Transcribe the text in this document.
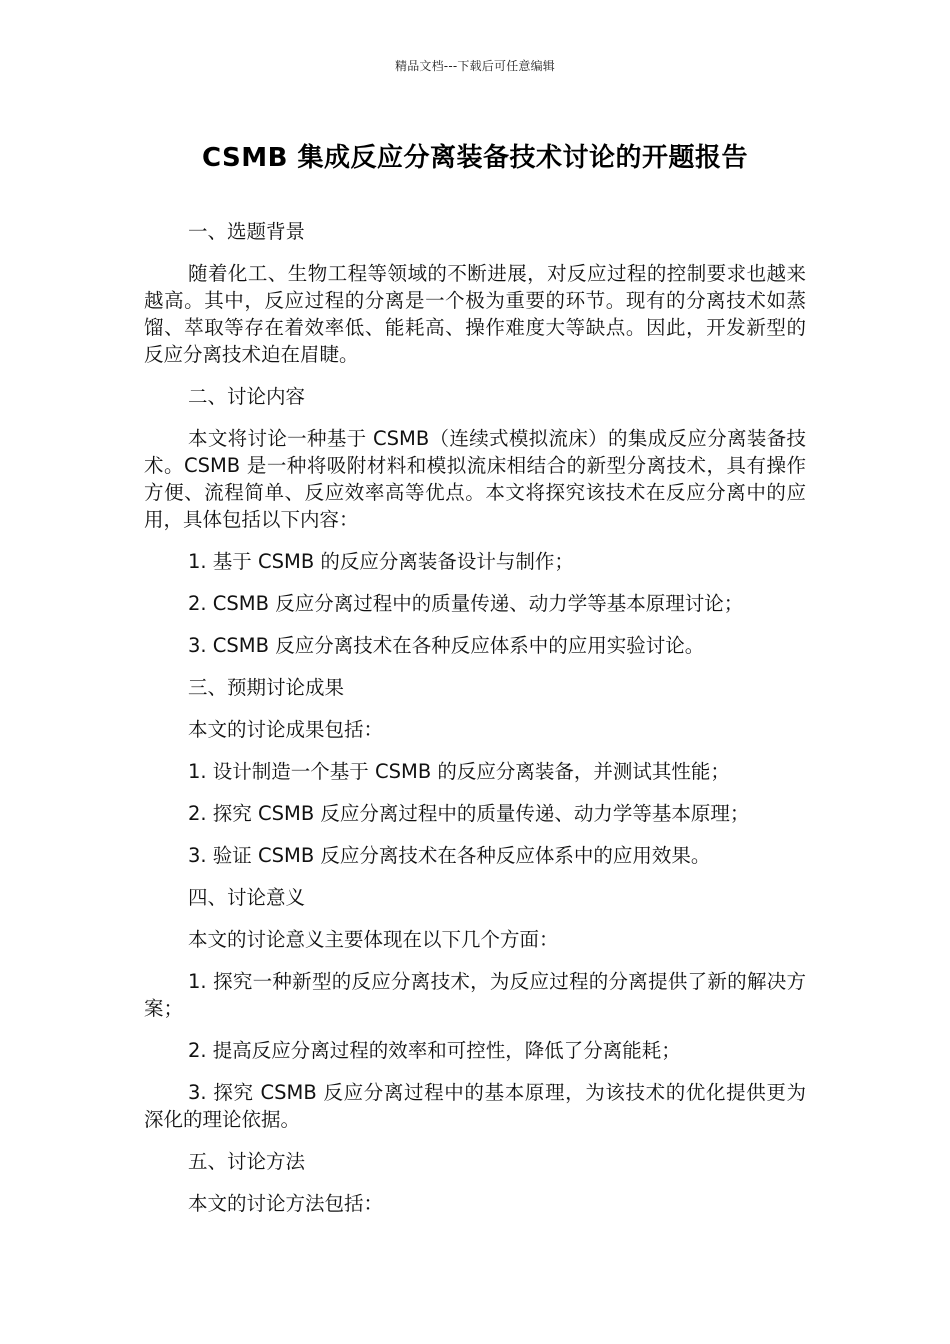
精品文档---下载后可任意编辑
CSMB 集成反应分离装备技术讨论的开题报告

一、选题背景

随着化工、生物工程等领域的不断进展，对反应过程的控制要求也越来越高。其中，反应过程的分离是一个极为重要的环节。现有的分离技术如蒸馏、萃取等存在着效率低、能耗高、操作难度大等缺点。因此，开发新型的反应分离技术迫在眉睫。

二、讨论内容

本文将讨论一种基于 CSMB（连续式模拟流床）的集成反应分离装备技术。CSMB 是一种将吸附材料和模拟流床相结合的新型分离技术，具有操作方便、流程简单、反应效率高等优点。本文将探究该技术在反应分离中的应用，具体包括以下内容：

1. 基于 CSMB 的反应分离装备设计与制作；

2. CSMB 反应分离过程中的质量传递、动力学等基本原理讨论；

3. CSMB 反应分离技术在各种反应体系中的应用实验讨论。

三、预期讨论成果

本文的讨论成果包括：

1. 设计制造一个基于 CSMB 的反应分离装备，并测试其性能；

2. 探究 CSMB 反应分离过程中的质量传递、动力学等基本原理；

3. 验证 CSMB 反应分离技术在各种反应体系中的应用效果。

四、讨论意义

本文的讨论意义主要体现在以下几个方面：

1. 探究一种新型的反应分离技术，为反应过程的分离提供了新的解决方案；

2. 提高反应分离过程的效率和可控性，降低了分离能耗；

3. 探究 CSMB 反应分离过程中的基本原理，为该技术的优化提供更为深化的理论依据。

五、讨论方法

本文的讨论方法包括：
